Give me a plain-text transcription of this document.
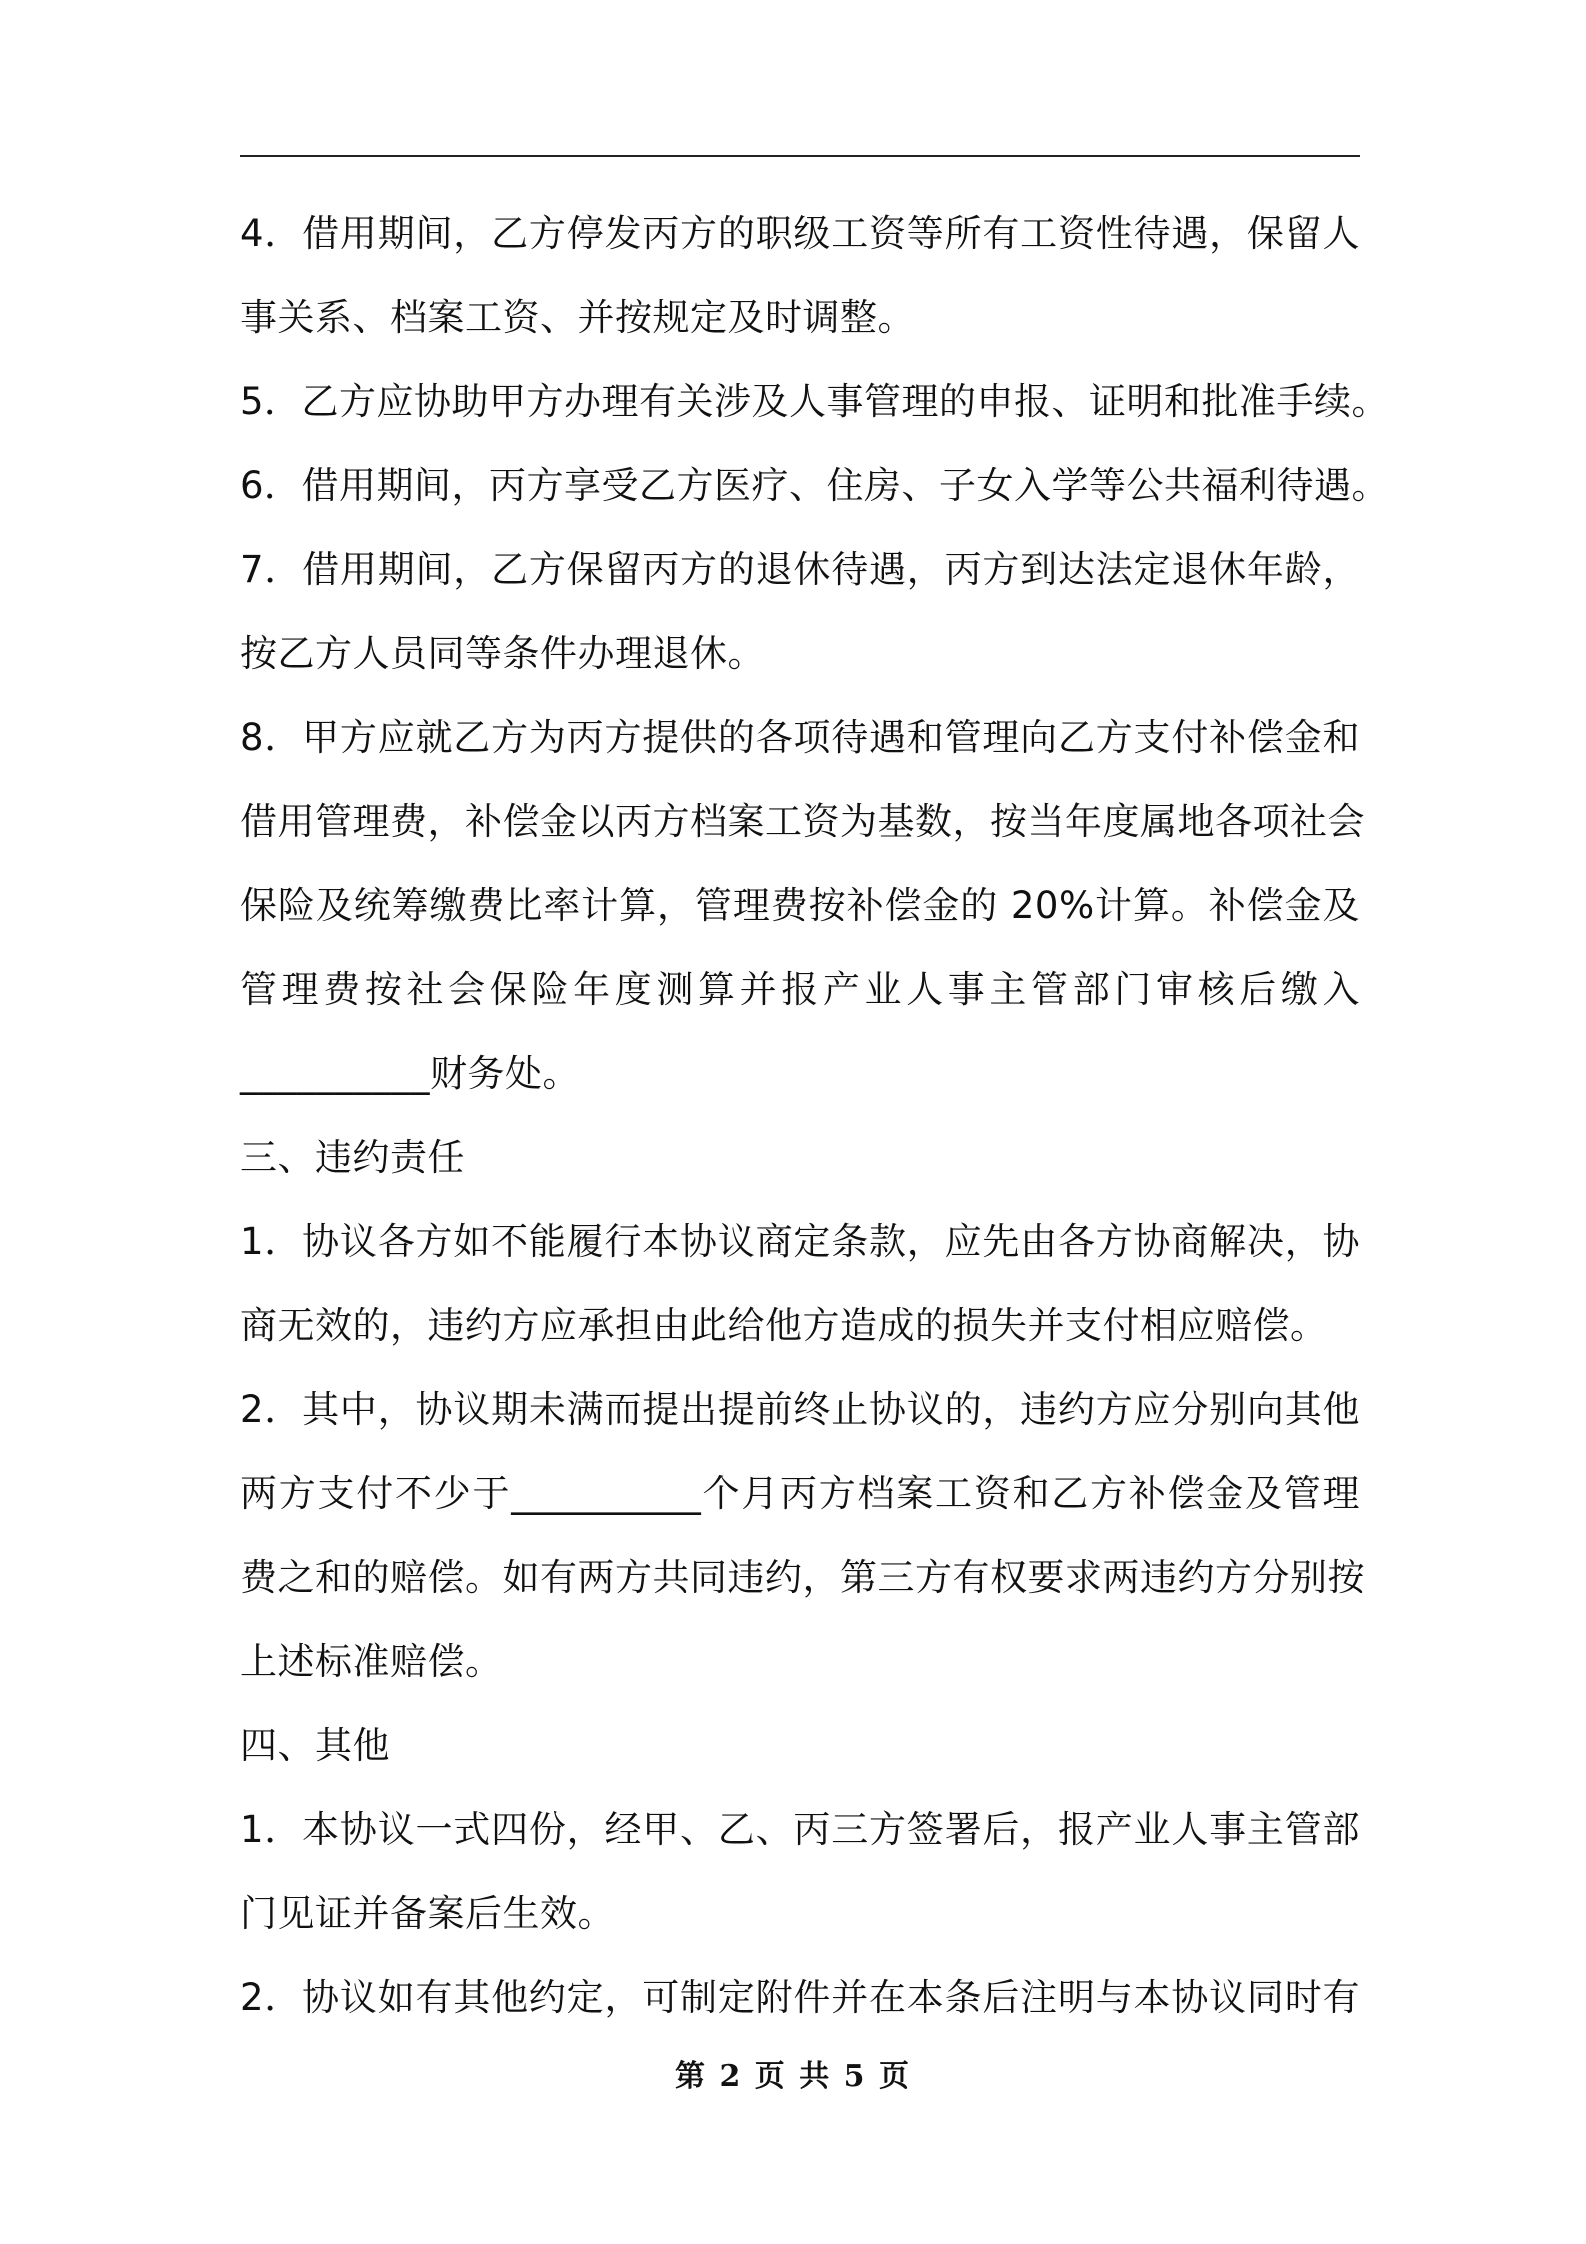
4．借用期间，乙方停发丙方的职级工资等所有工资性待遇，保留人
事关系、档案工资、并按规定及时调整。
5．乙方应协助甲方办理有关涉及人事管理的申报、证明和批准手续。
6．借用期间，丙方享受乙方医疗、住房、子女入学等公共福利待遇。
7．借用期间，乙方保留丙方的退休待遇，丙方到达法定退休年龄，
按乙方人员同等条件办理退休。
8．甲方应就乙方为丙方提供的各项待遇和管理向乙方支付补偿金和
借用管理费，补偿金以丙方档案工资为基数，按当年度属地各项社会
保险及统筹缴费比率计算，管理费按补偿金的 20%计算。补偿金及
管理费按社会保险年度测算并报产业人事主管部门审核后缴入
__________财务处。
三、违约责任
1．协议各方如不能履行本协议商定条款，应先由各方协商解决，协
商无效的，违约方应承担由此给他方造成的损失并支付相应赔偿。
2．其中，协议期未满而提出提前终止协议的，违约方应分别向其他
两方支付不少于__________个月丙方档案工资和乙方补偿金及管理
费之和的赔偿。如有两方共同违约，第三方有权要求两违约方分别按
上述标准赔偿。
四、其他
1．本协议一式四份，经甲、乙、丙三方签署后，报产业人事主管部
门见证并备案后生效。
2．协议如有其他约定，可制定附件并在本条后注明与本协议同时有
第 2 页 共 5 页
